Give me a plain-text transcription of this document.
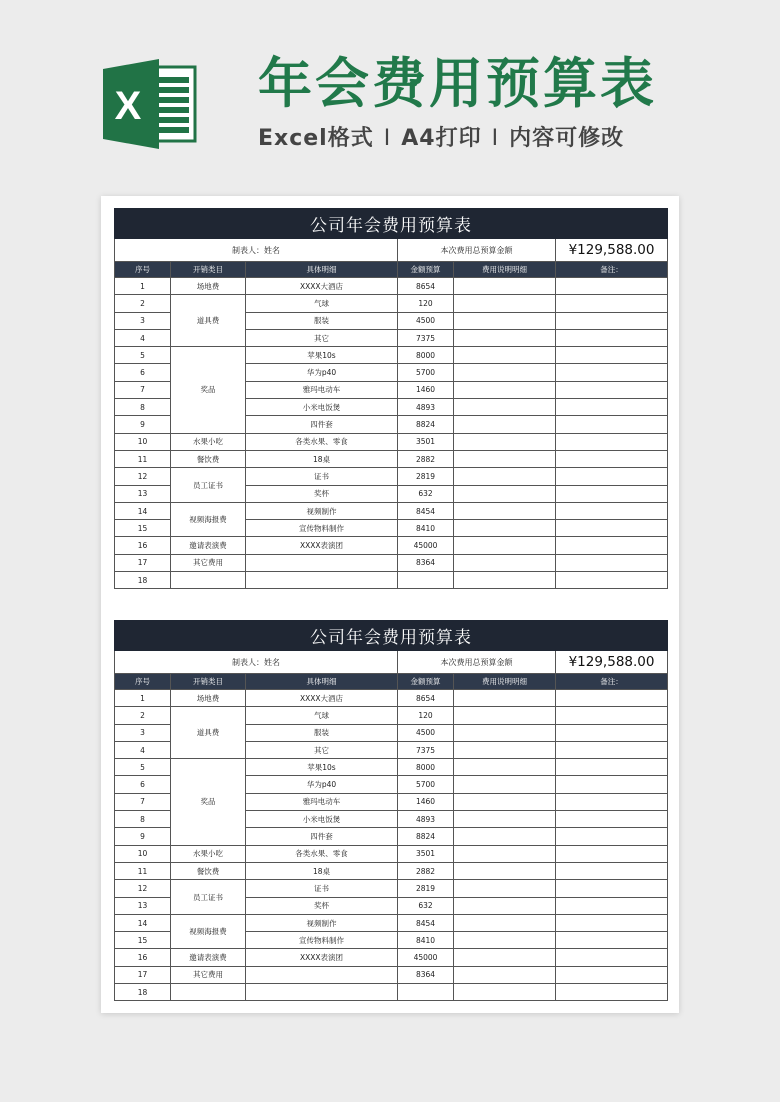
X 年会费用预算表
Excel格式 I A4打印 I 内容可修改
公司年会费用预算表					
制表人：姓名			本次费用总预算金额		¥129,588.00
序号	开销类目	具体明细	金额预算	费用说明明细	备注：
1	场地费	XXXX大酒店	8654		
2	道具费	气球	120		
3		服装	4500		
4		其它	7375		
5	奖品	苹果10s	8000		
6		华为p40	5700		
7		雅玛电动车	1460		
8		小米电饭煲	4893		
9		四件套	8824		
10	水果小吃	各类水果、零食	3501		
11	餐饮费	18桌	2882		
12	员工证书	证书	2819		
13		奖杯	632		
14	视频海报费	视频制作	8454		
15		宣传物料制作	8410		
16	邀请表演费	XXXX表演团	45000		
17	其它费用		8364		
18					
公司年会费用预算表					
制表人：姓名			本次费用总预算金额		¥129,588.00
序号	开销类目	具体明细	金额预算	费用说明明细	备注：
1	场地费	XXXX大酒店	8654		
2	道具费	气球	120		
3		服装	4500		
4		其它	7375		
5	奖品	苹果10s	8000		
6		华为p40	5700		
7		雅玛电动车	1460		
8		小米电饭煲	4893		
9		四件套	8824		
10	水果小吃	各类水果、零食	3501		
11	餐饮费	18桌	2882		
12	员工证书	证书	2819		
13		奖杯	632		
14	视频海报费	视频制作	8454		
15		宣传物料制作	8410		
16	邀请表演费	XXXX表演团	45000		
17	其它费用		8364		
18					
